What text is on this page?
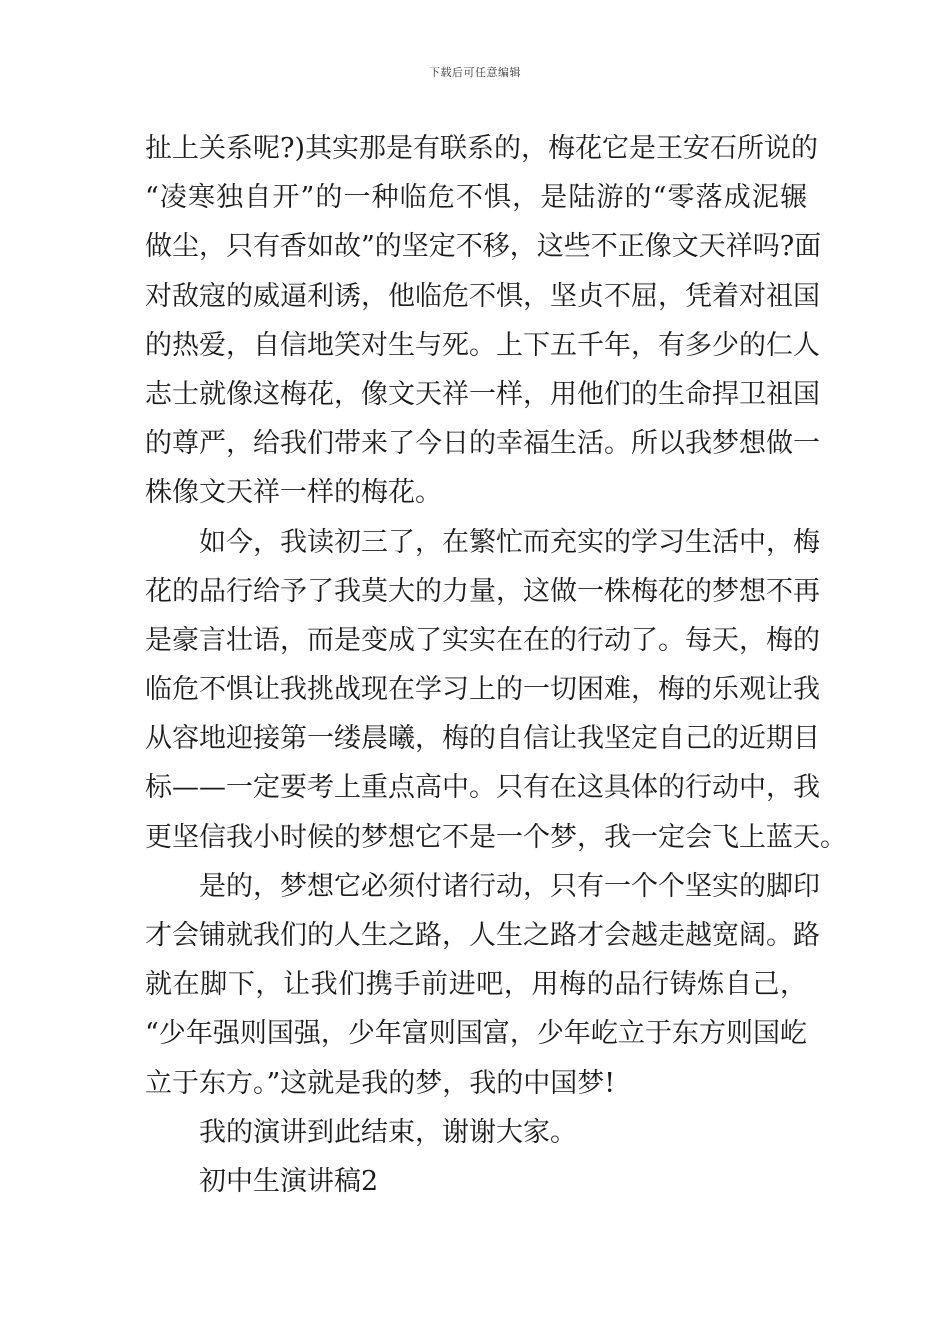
下载后可任意编辑
扯上关系呢?)其实那是有联系的，梅花它是王安石所说的
“凌寒独自开”的一种临危不惧，是陆游的“零落成泥辗
做尘，只有香如故”的坚定不移，这些不正像文天祥吗?面
对敌寇的威逼利诱，他临危不惧，坚贞不屈，凭着对祖国
的热爱，自信地笑对生与死。上下五千年，有多少的仁人
志士就像这梅花，像文天祥一样，用他们的生命捍卫祖国
的尊严，给我们带来了今日的幸福生活。所以我梦想做一
株像文天祥一样的梅花。
如今，我读初三了，在繁忙而充实的学习生活中，梅
花的品行给予了我莫大的力量，这做一株梅花的梦想不再
是豪言壮语，而是变成了实实在在的行动了。每天，梅的
临危不惧让我挑战现在学习上的一切困难，梅的乐观让我
从容地迎接第一缕晨曦，梅的自信让我坚定自己的近期目
标——一定要考上重点高中。只有在这具体的行动中，我
更坚信我小时候的梦想它不是一个梦，我一定会飞上蓝天。
是的，梦想它必须付诸行动，只有一个个坚实的脚印
才会铺就我们的人生之路，人生之路才会越走越宽阔。路
就在脚下，让我们携手前进吧，用梅的品行铸炼自己，
“少年强则国强，少年富则国富，少年屹立于东方则国屹
立于东方。”这就是我的梦，我的中国梦!
我的演讲到此结束，谢谢大家。
初中生演讲稿2
